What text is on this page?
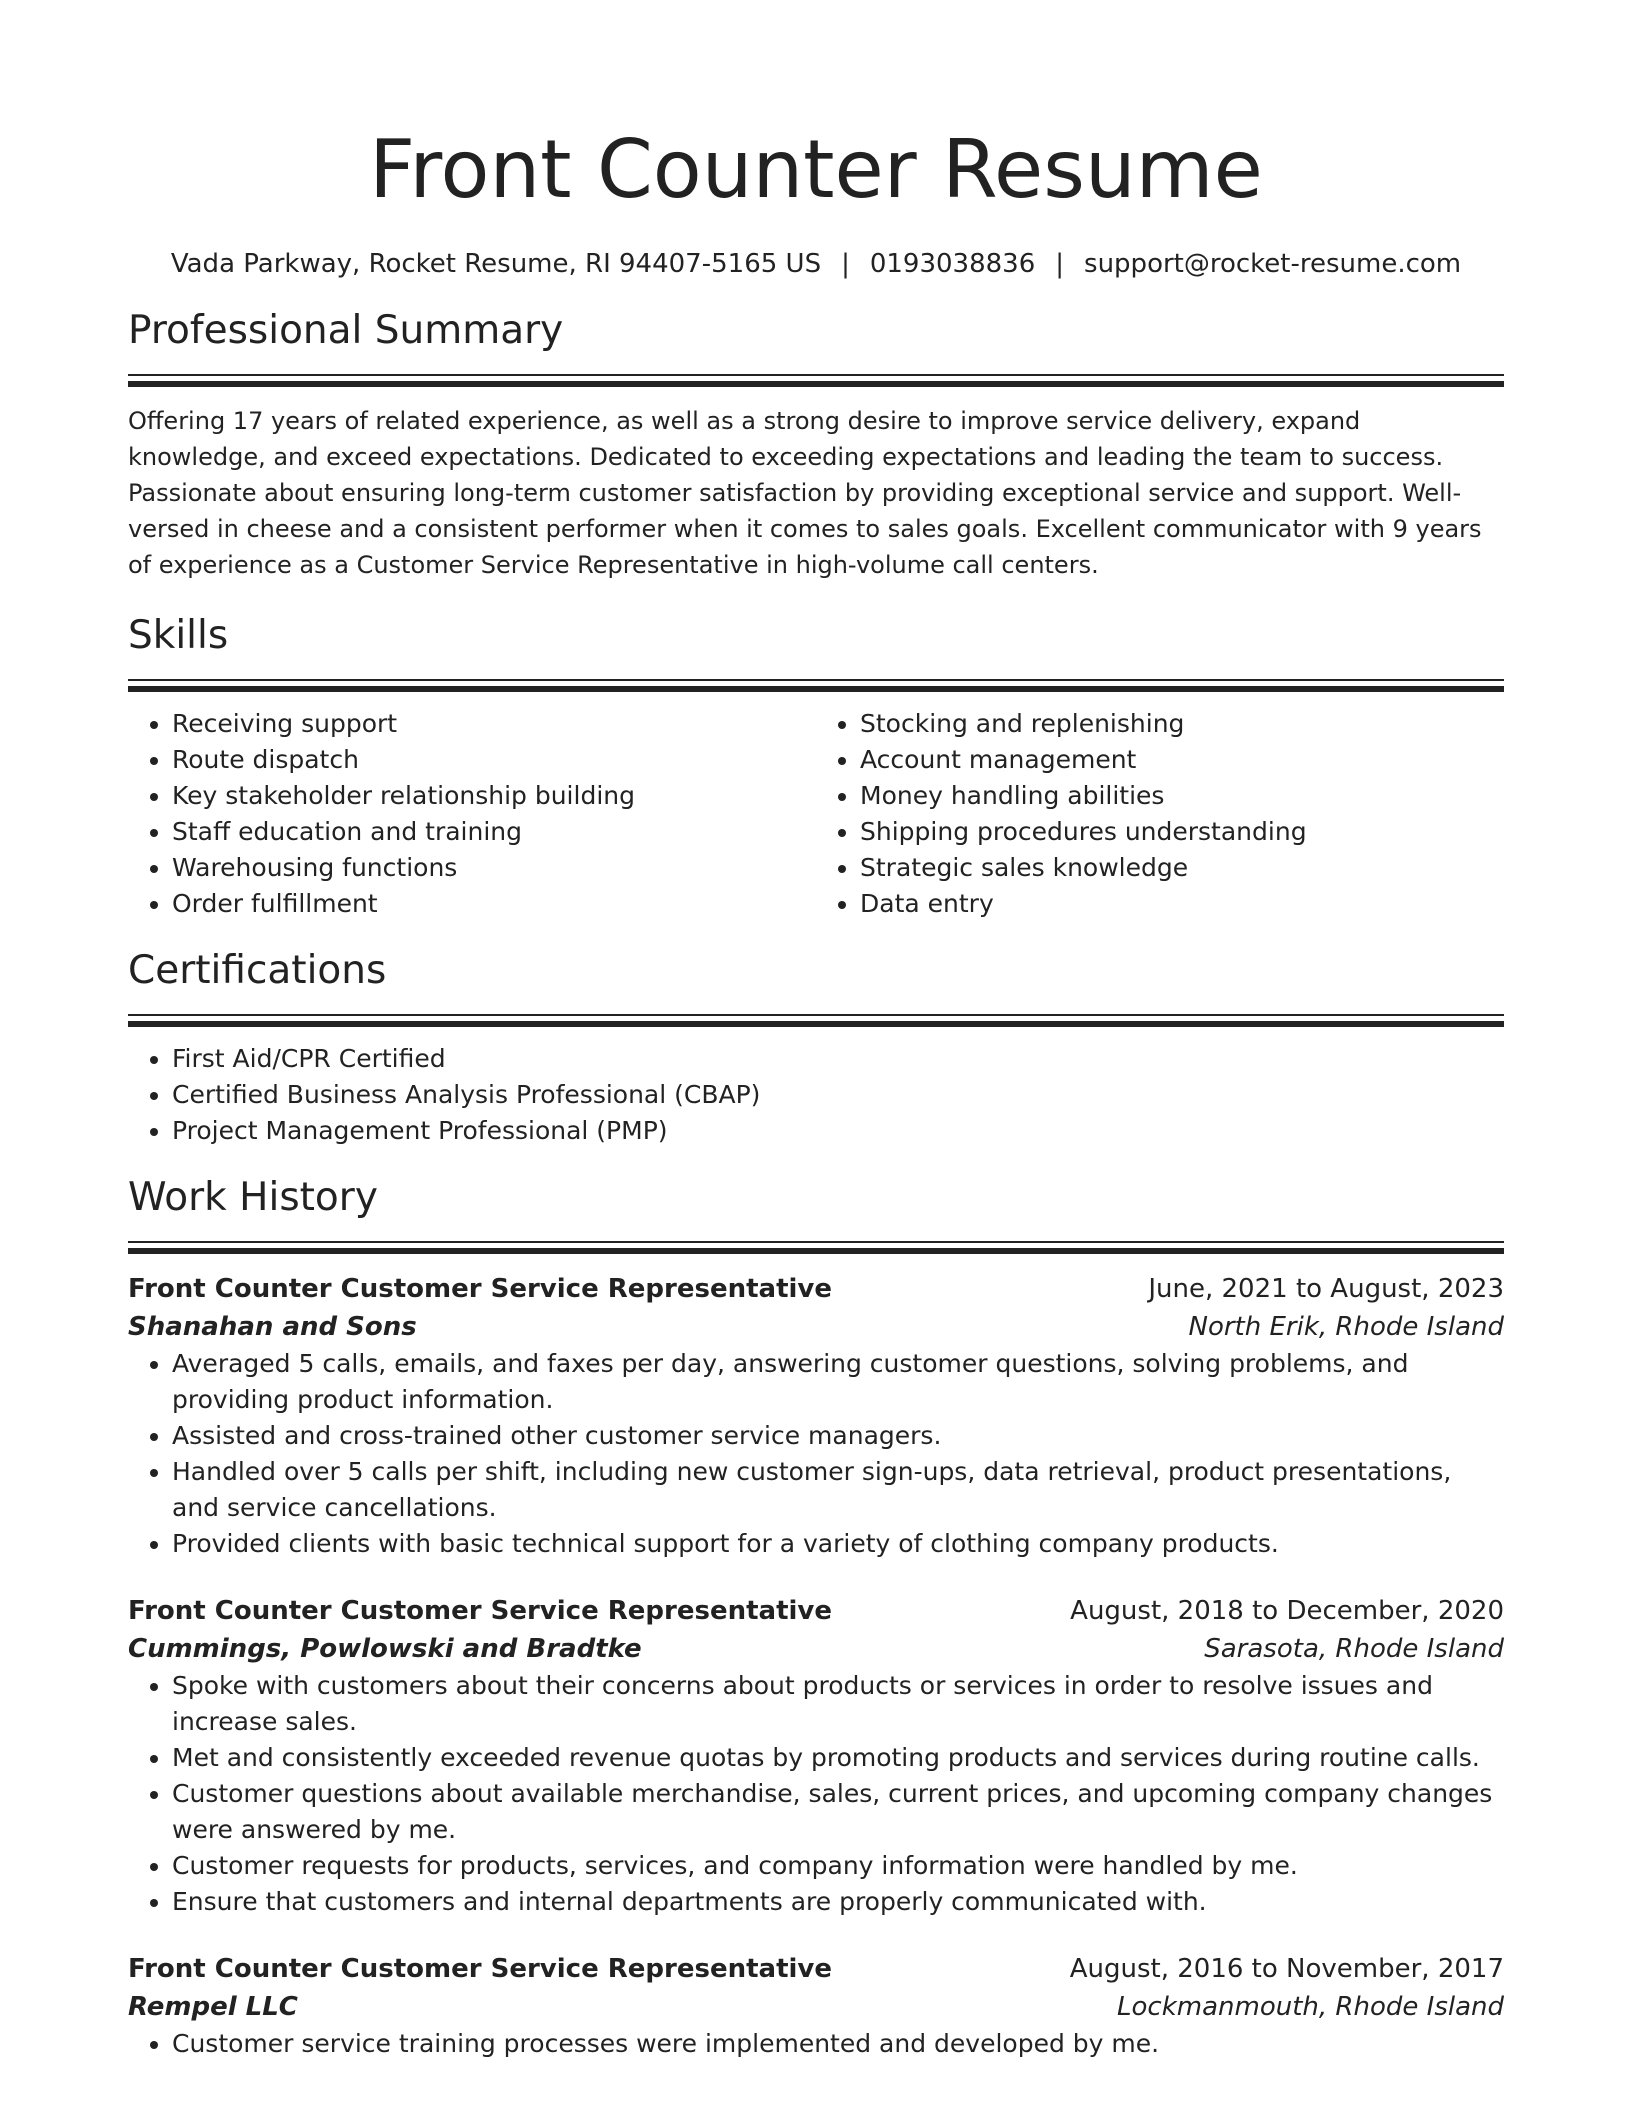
Front Counter Resume
Vada Parkway, Rocket Resume, RI 94407-5165 US | 0193038836 | support@rocket-resume.com
Professional Summary

Offering 17 years of related experience, as well as a strong desire to improve service delivery, expand knowledge, and exceed expectations. Dedicated to exceeding expectations and leading the team to success. Passionate about ensuring long-term customer satisfaction by providing exceptional service and support. Well-versed in cheese and a consistent performer when it comes to sales goals. Excellent communicator with 9 years of experience as a Customer Service Representative in high-volume call centers.

Skills
• Receiving support
• Route dispatch
• Key stakeholder relationship building
• Staff education and training
• Warehousing functions
• Order fulfillment
• Stocking and replenishing
• Account management
• Money handling abilities
• Shipping procedures understanding
• Strategic sales knowledge
• Data entry
Certifications
• First Aid/CPR Certified
• Certified Business Analysis Professional (CBAP)
• Project Management Professional (PMP)
Work History
Front Counter Customer Service Representative	June, 2021 to August, 2023
Shanahan and Sons	North Erik, Rhode Island
• Averaged 5 calls, emails, and faxes per day, answering customer questions, solving problems, and providing product information.
• Assisted and cross-trained other customer service managers.
• Handled over 5 calls per shift, including new customer sign-ups, data retrieval, product presentations, and service cancellations.
• Provided clients with basic technical support for a variety of clothing company products.
Front Counter Customer Service Representative	August, 2018 to December, 2020
Cummings, Powlowski and Bradtke	Sarasota, Rhode Island
• Spoke with customers about their concerns about products or services in order to resolve issues and increase sales.
• Met and consistently exceeded revenue quotas by promoting products and services during routine calls.
• Customer questions about available merchandise, sales, current prices, and upcoming company changes were answered by me.
• Customer requests for products, services, and company information were handled by me.
• Ensure that customers and internal departments are properly communicated with.
Front Counter Customer Service Representative	August, 2016 to November, 2017
Rempel LLC	Lockmanmouth, Rhode Island
• Customer service training processes were implemented and developed by me.
